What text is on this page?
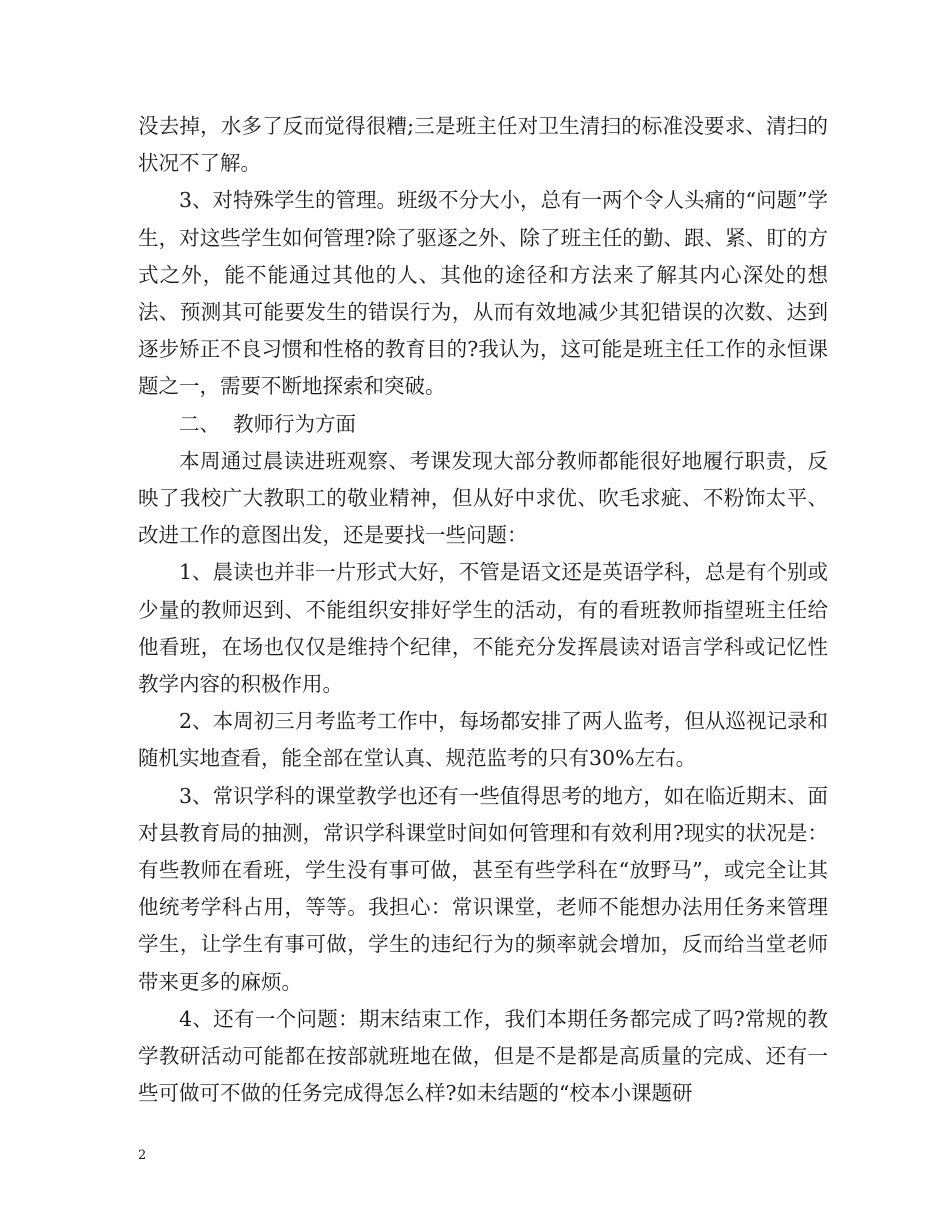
没去掉，水多了反而觉得很糟;三是班主任对卫生清扫的标准没要求、清扫的状况不了解。

3、对特殊学生的管理。班级不分大小，总有一两个令人头痛的“问题”学生，对这些学生如何管理?除了驱逐之外、除了班主任的勤、跟、紧、盯的方式之外，能不能通过其他的人、其他的途径和方法来了解其内心深处的想法、预测其可能要发生的错误行为，从而有效地减少其犯错误的次数、达到逐步矫正不良习惯和性格的教育目的?我认为，这可能是班主任工作的永恒课题之一，需要不断地探索和突破。

二、  教师行为方面

本周通过晨读进班观察、考课发现大部分教师都能很好地履行职责，反映了我校广大教职工的敬业精神，但从好中求优、吹毛求疵、不粉饰太平、改进工作的意图出发，还是要找一些问题：

1、晨读也并非一片形式大好，不管是语文还是英语学科，总是有个别或少量的教师迟到、不能组织安排好学生的活动，有的看班教师指望班主任给他看班，在场也仅仅是维持个纪律，不能充分发挥晨读对语言学科或记忆性教学内容的积极作用。

2、本周初三月考监考工作中，每场都安排了两人监考，但从巡视记录和随机实地查看，能全部在堂认真、规范监考的只有30%左右。

3、常识学科的课堂教学也还有一些值得思考的地方，如在临近期末、面对县教育局的抽测，常识学科课堂时间如何管理和有效利用?现实的状况是：有些教师在看班，学生没有事可做，甚至有些学科在“放野马”，或完全让其他统考学科占用，等等。我担心：常识课堂，老师不能想办法用任务来管理学生，让学生有事可做，学生的违纪行为的频率就会增加，反而给当堂老师带来更多的麻烦。

4、还有一个问题：期末结束工作，我们本期任务都完成了吗?常规的教学教研活动可能都在按部就班地在做，但是不是都是高质量的完成、还有一些可做可不做的任务完成得怎么样?如未结题的“校本小课题研

2
